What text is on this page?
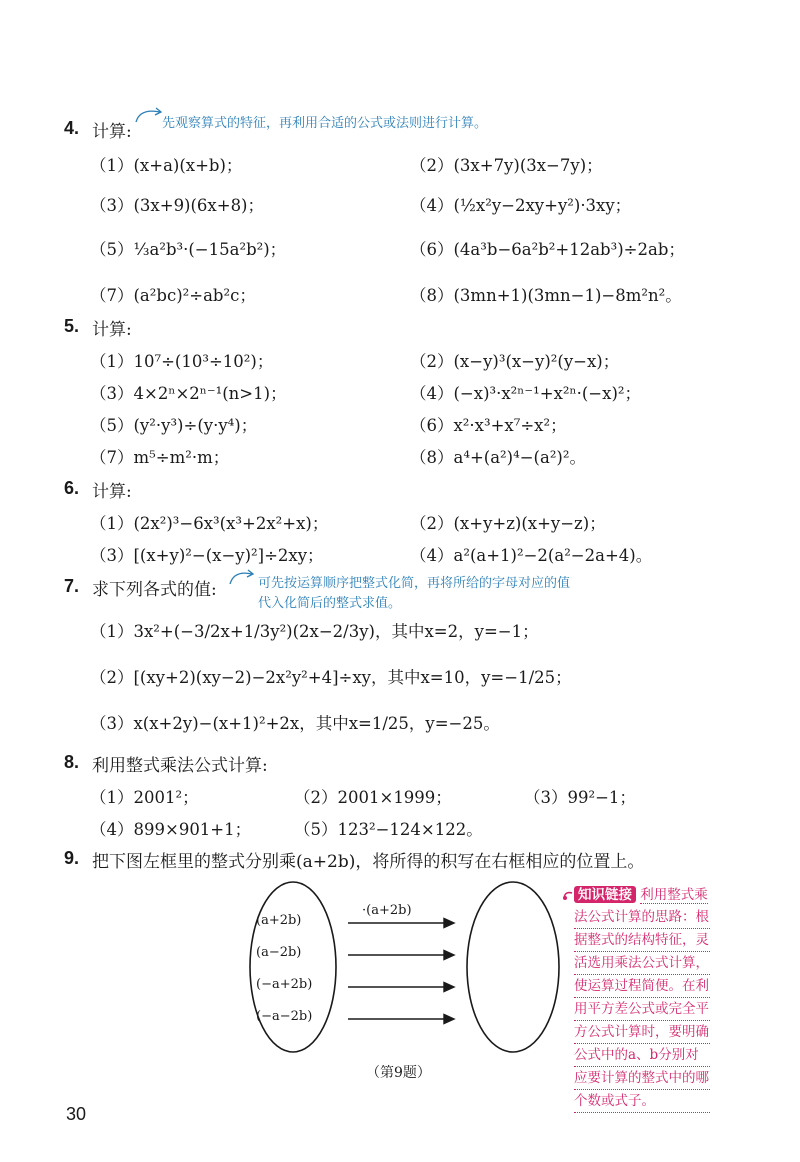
4. 计算: 先观察算式的特征，再利用合适的公式或法则进行计算。
（1）(x+a)(x+b)；	（2）(3x+7y)(3x−7y)；
（3）(3x+9)(6x+8)；	（4）(½x²y−2xy+y²)·3xy；
（5）⅓a²b³·(−15a²b²)；	（6）(4a³b−6a²b²+12ab³)÷2ab；
（7）(a²bc)²÷ab²c；	（8）(3mn+1)(3mn−1)−8m²n²。
5. 计算:
（1）10⁷÷(10³÷10²)；	（2）(x−y)³(x−y)²(y−x)；
（3）4×2ⁿ×2ⁿ⁻¹(n>1)；	（4）(−x)³·x²ⁿ⁻¹+x²ⁿ·(−x)²；
（5）(y²·y³)÷(y·y⁴)；	（6）x²·x³+x⁷÷x²；
（7）m⁵÷m²·m；	（8）a⁴+(a²)⁴−(a²)²。
6. 计算:
（1）(2x²)³−6x³(x³+2x²+x)；	（2）(x+y+z)(x+y−z)；
（3）[(x+y)²−(x−y)²]÷2xy；	（4）a²(a+1)²−2(a²−2a+4)。
7. 求下列各式的值:	可先按运算顺序把整式化简，再将所给的字母对应的值
代入化简后的整式求值。
（1）3x²+(−3/2x+1/3y²)(2x−2/3y)，其中x=2，y=−1；
（2）[(xy+2)(xy−2)−2x²y²+4]÷xy，其中x=10，y=−1/25；
（3）x(x+2y)−(x+1)²+2x，其中x=1/25，y=−25。
8. 利用整式乘法公式计算:
（1）2001²；	（2）2001×1999；	（3）99²−1；
（4）899×901+1；	（5）123²−124×122。
9. 把下图左框里的整式分别乘(a+2b)，将所得的积写在右框相应的位置上。
(a+2b)
(a−2b)
(−a+2b)
(−a−2b)
·(a+2b)
（第9题）
知识链接 利用整式乘
法公式计算的思路：根
据整式的结构特征，灵
活选用乘法公式计算，
使运算过程简便。在利
用平方差公式或完全平
方公式计算时，要明确
公式中的a、b分别对
应要计算的整式中的哪
个数或式子。
30
